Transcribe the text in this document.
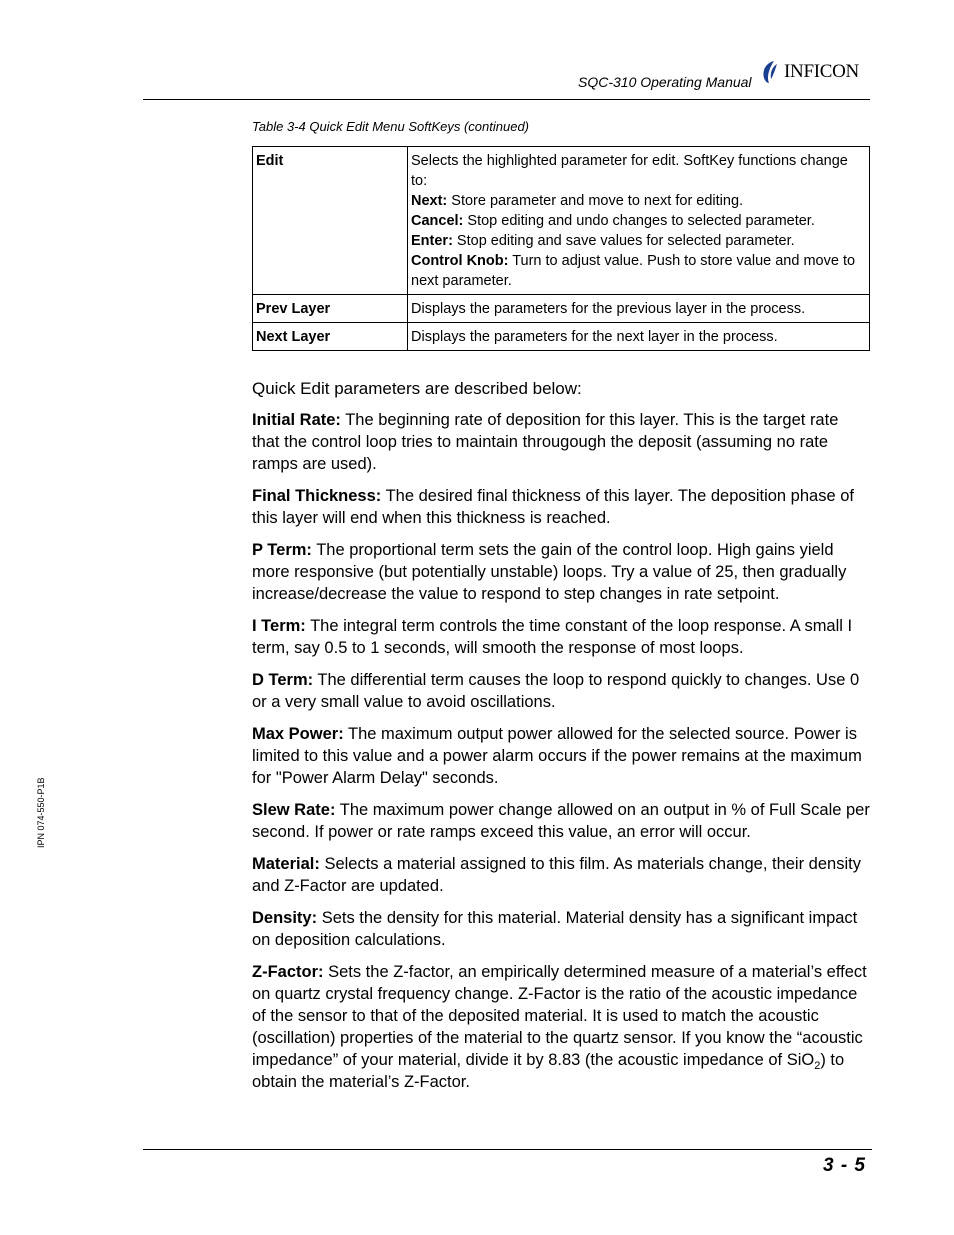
SQC-310 Operating Manual INFICON
IPN 074-550-P1B
Table 3-4 Quick Edit Menu SoftKeys (continued)
Edit	Selects the highlighted parameter for edit. SoftKey functions change to:
Next: Store parameter and move to next for editing.
Cancel: Stop editing and undo changes to selected parameter.
Enter: Stop editing and save values for selected parameter.
Control Knob: Turn to adjust value. Push to store value and move to next parameter.

Prev Layer	Displays the parameters for the previous layer in the process.
Next Layer	Displays the parameters for the next layer in the process.

Quick Edit parameters are described below:

Initial Rate: The beginning rate of deposition for this layer. This is the target rate that the control loop tries to maintain througough the deposit (assuming no rate ramps are used).

Final Thickness: The desired final thickness of this layer. The deposition phase of this layer will end when this thickness is reached.

P Term: The proportional term sets the gain of the control loop. High gains yield more responsive (but potentially unstable) loops. Try a value of 25, then gradually increase/decrease the value to respond to step changes in rate setpoint.

I Term: The integral term controls the time constant of the loop response. A small I term, say 0.5 to 1 seconds, will smooth the response of most loops.

D Term: The differential term causes the loop to respond quickly to changes. Use 0 or a very small value to avoid oscillations.

Max Power: The maximum output power allowed for the selected source. Power is limited to this value and a power alarm occurs if the power remains at the maximum for "Power Alarm Delay" seconds.

Slew Rate: The maximum power change allowed on an output in % of Full Scale per second. If power or rate ramps exceed this value, an error will occur.

Material: Selects a material assigned to this film. As materials change, their density and Z-Factor are updated.

Density: Sets the density for this material. Material density has a significant impact on deposition calculations.

Z-Factor: Sets the Z-factor, an empirically determined measure of a material’s effect on quartz crystal frequency change. Z-Factor is the ratio of the acoustic impedance of the sensor to that of the deposited material. It is used to match the acoustic (oscillation) properties of the material to the quartz sensor. If you know the “acoustic impedance” of your material, divide it by 8.83 (the acoustic impedance of SiO$_2$) to obtain the material’s Z-Factor.

3 - 5
